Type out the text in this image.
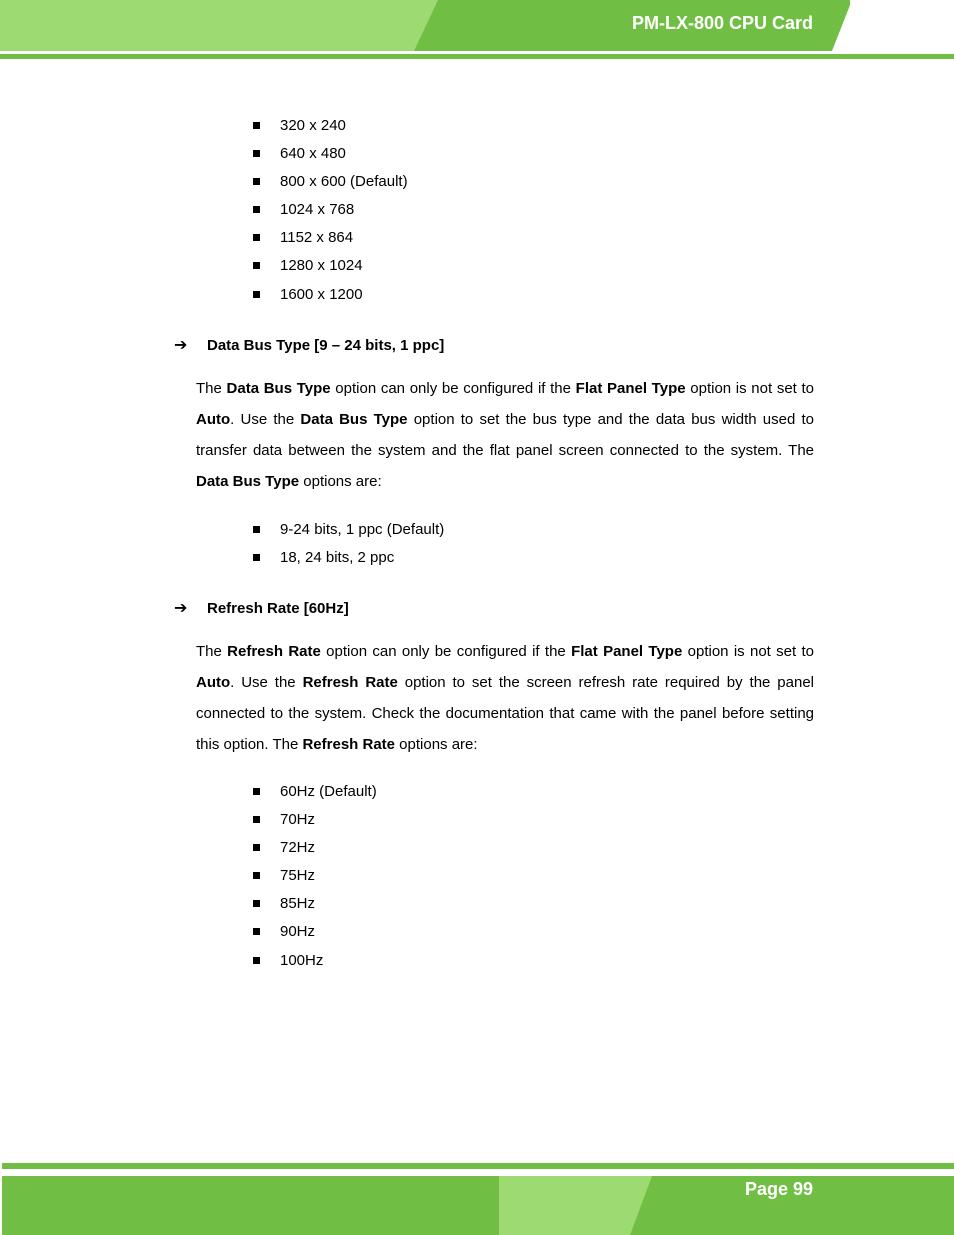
PM-LX-800 CPU Card
320 x 240
640 x 480
800 x 600 (Default)
1024 x 768
1152 x 864
1280 x 1024
1600 x 1200
➔ Data Bus Type [9 – 24 bits, 1 ppc]

The Data Bus Type option can only be configured if the Flat Panel Type option is not set to Auto. Use the Data Bus Type option to set the bus type and the data bus width used to transfer data between the system and the flat panel screen connected to the system. The Data Bus Type options are:

9-24 bits, 1 ppc (Default)
18, 24 bits, 2 ppc
➔ Refresh Rate [60Hz]

The Refresh Rate option can only be configured if the Flat Panel Type option is not set to Auto. Use the Refresh Rate option to set the screen refresh rate required by the panel connected to the system. Check the documentation that came with the panel before setting this option. The Refresh Rate options are:

60Hz (Default)
70Hz
72Hz
75Hz
85Hz
90Hz
100Hz
Page 99
